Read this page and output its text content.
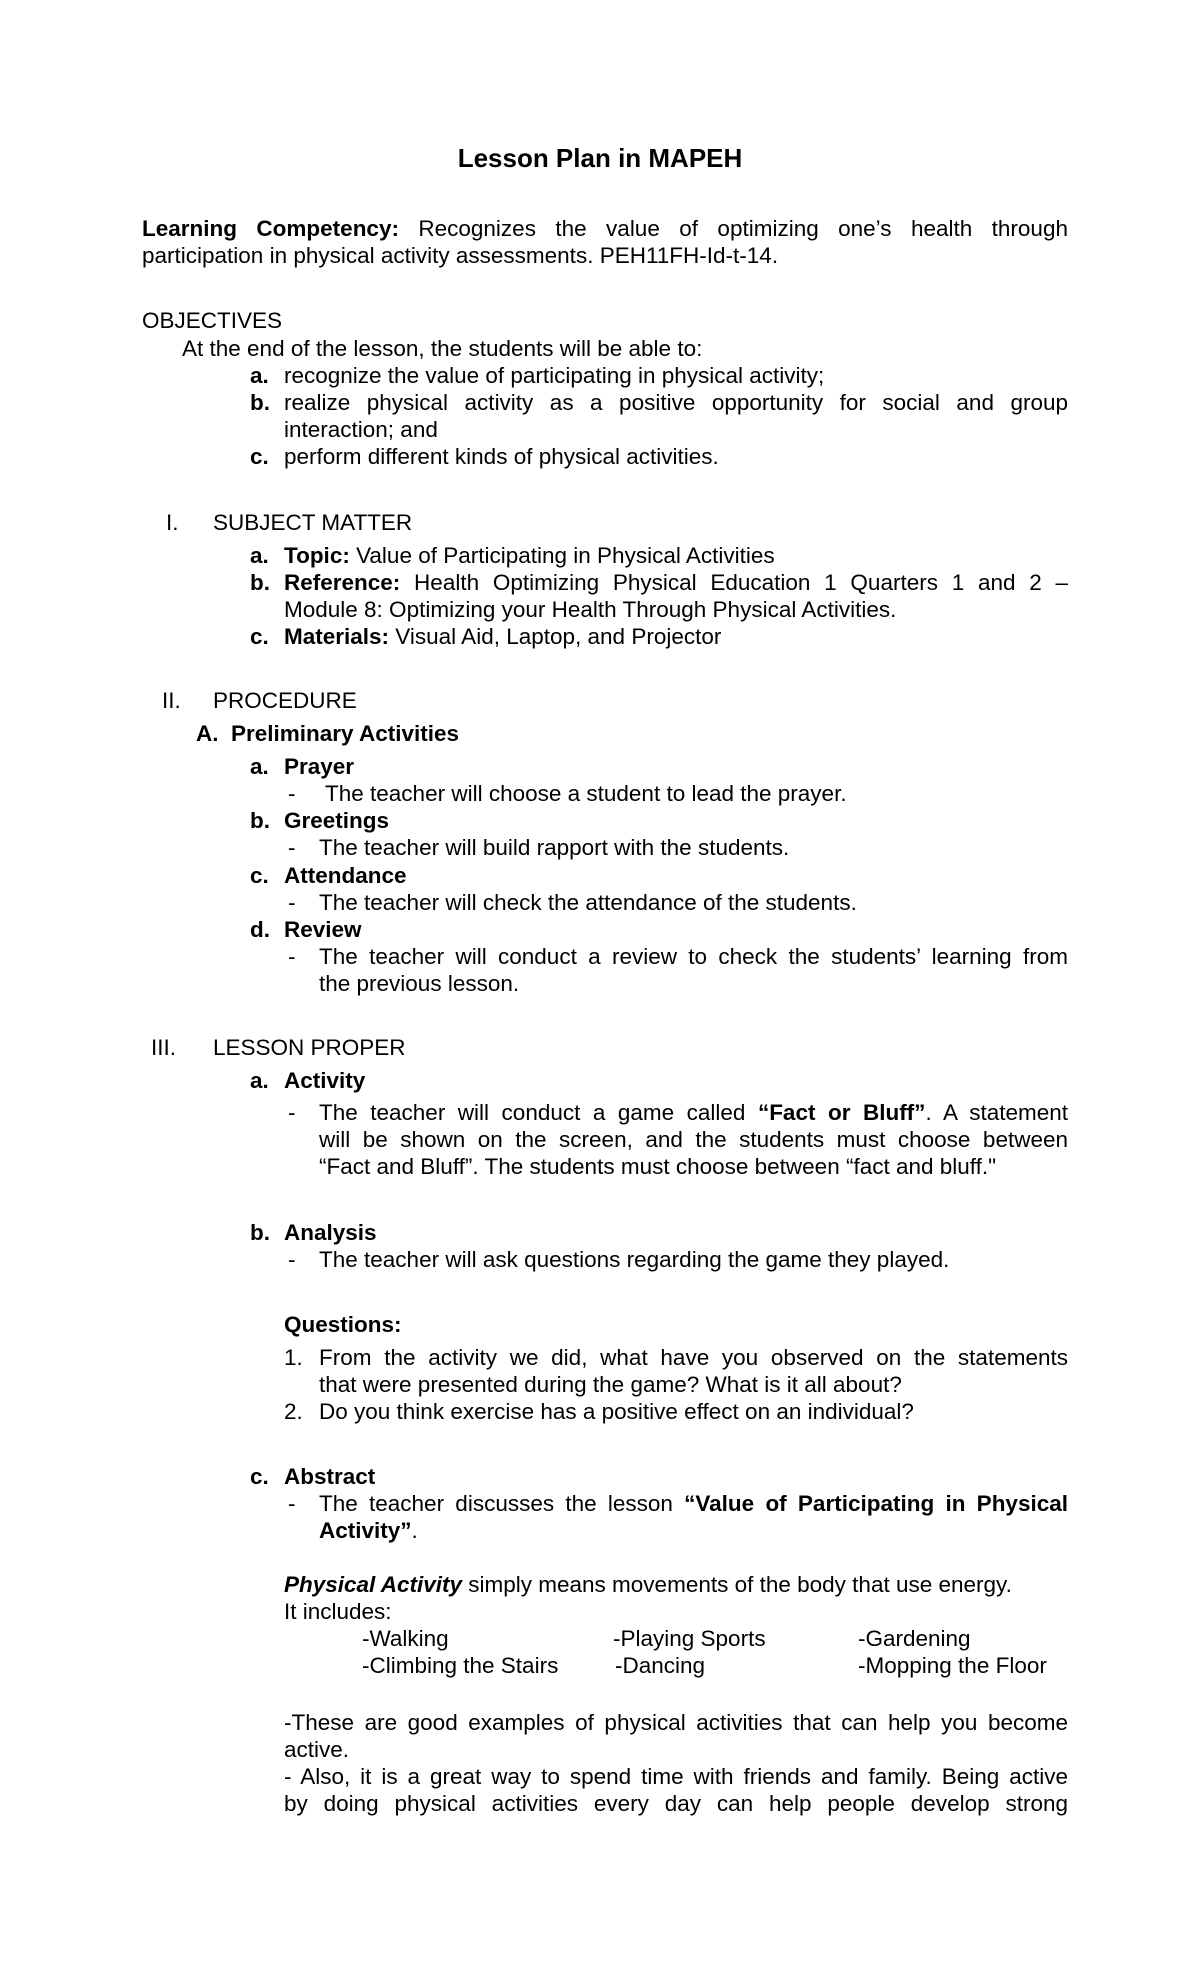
Lesson Plan in MAPEH
Learning Competency: Recognizes the value of optimizing one’s health through
participation in physical activity assessments. PEH11FH-Id-t-14.
OBJECTIVES
At the end of the lesson, the students will be able to:
a. recognize the value of participating in physical activity;
b. realize physical activity as a positive opportunity for social and group
interaction; and
c. perform different kinds of physical activities.
I. SUBJECT MATTER
a. Topic: Value of Participating in Physical Activities
b. Reference: Health Optimizing Physical Education 1 Quarters 1 and 2 –
Module 8: Optimizing your Health Through Physical Activities.
c. Materials: Visual Aid, Laptop, and Projector
II. PROCEDURE
A. Preliminary Activities
a. Prayer
- The teacher will choose a student to lead the prayer.
b. Greetings
- The teacher will build rapport with the students.
c. Attendance
- The teacher will check the attendance of the students.
d. Review
- The teacher will conduct a review to check the students’ learning from
the previous lesson.
III. LESSON PROPER
a. Activity
- The teacher will conduct a game called “Fact or Bluff”. A statement
will be shown on the screen, and the students must choose between
“Fact and Bluff”. The students must choose between “fact and bluff."
b. Analysis
- The teacher will ask questions regarding the game they played.
Questions:
1. From the activity we did, what have you observed on the statements
that were presented during the game? What is it all about?
2. Do you think exercise has a positive effect on an individual?
c. Abstract
- The teacher discusses the lesson “Value of Participating in Physical
Activity”.
Physical Activity simply means movements of the body that use energy.
It includes:
-Walking	-Playing Sports	-Gardening
-Climbing the Stairs	-Dancing	-Mopping the Floor
-These are good examples of physical activities that can help you become
active.
- Also, it is a great way to spend time with friends and family. Being active
by doing physical activities every day can help people develop strong
